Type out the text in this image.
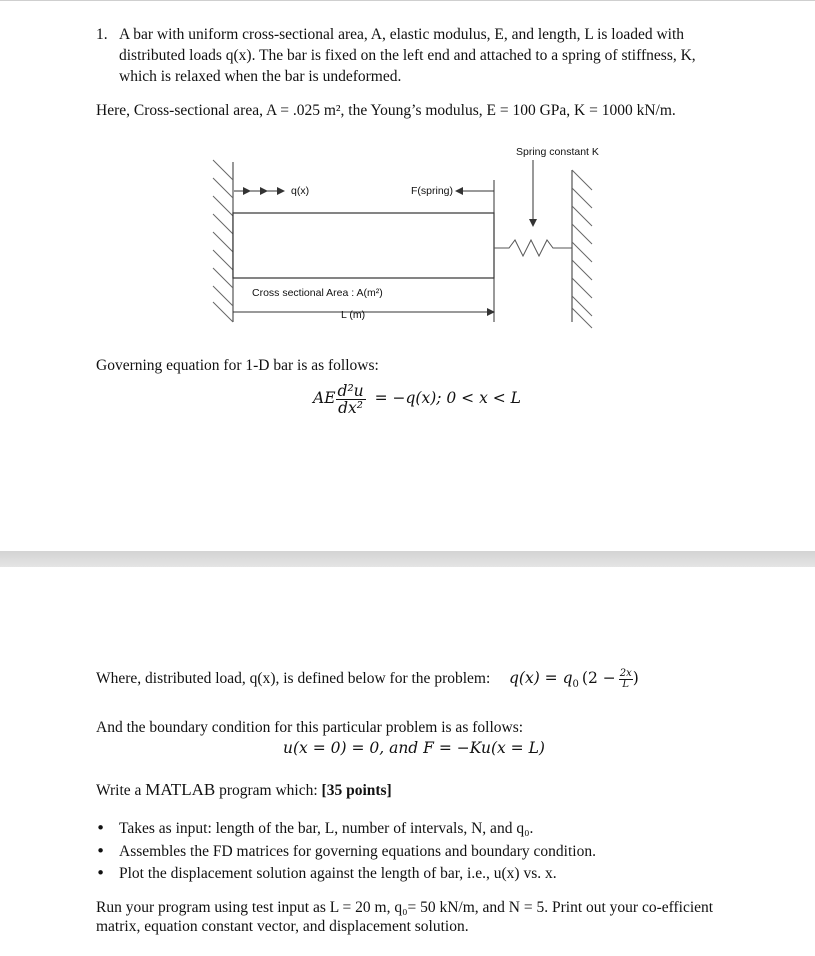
1. A bar with uniform cross-sectional area, A, elastic modulus, E, and length, L is loaded with
distributed loads q(x). The bar is fixed on the left end and attached to a spring of stiffness, K,
which is relaxed when the bar is undeformed.
Here, Cross-sectional area, A = .025 m², the Young’s modulus, E = 100 GPa, K = 1000 kN/m.
Spring constant K
q(x)	F(spring)
Cross sectional Area : A(m²)
L (m)
Governing equation for 1-D bar is as follows:
AE $\frac{\text{d²u}}{\text{dx²}} = -q(x)$; 0 < x < L
Where, distributed load, q(x), is defined below for the problem: $q(x) = q_0$ ($2 - \frac{2x}{L}$ )
And the boundary condition for this particular problem is as follows:
u(x = 0) = 0, and F = −Ku(x = L)
Write a MATLAB program which: [35 points]
• Takes as input: length of the bar, L, number of intervals, N, and q₀.
• Assembles the FD matrices for governing equations and boundary condition.
• Plot the displacement solution against the length of bar, i.e., u(x) vs. x.
Run your program using test input as L = 20 m, q₀= 50 kN/m, and N = 5. Print out your co-efficient
matrix, equation constant vector, and displacement solution.
